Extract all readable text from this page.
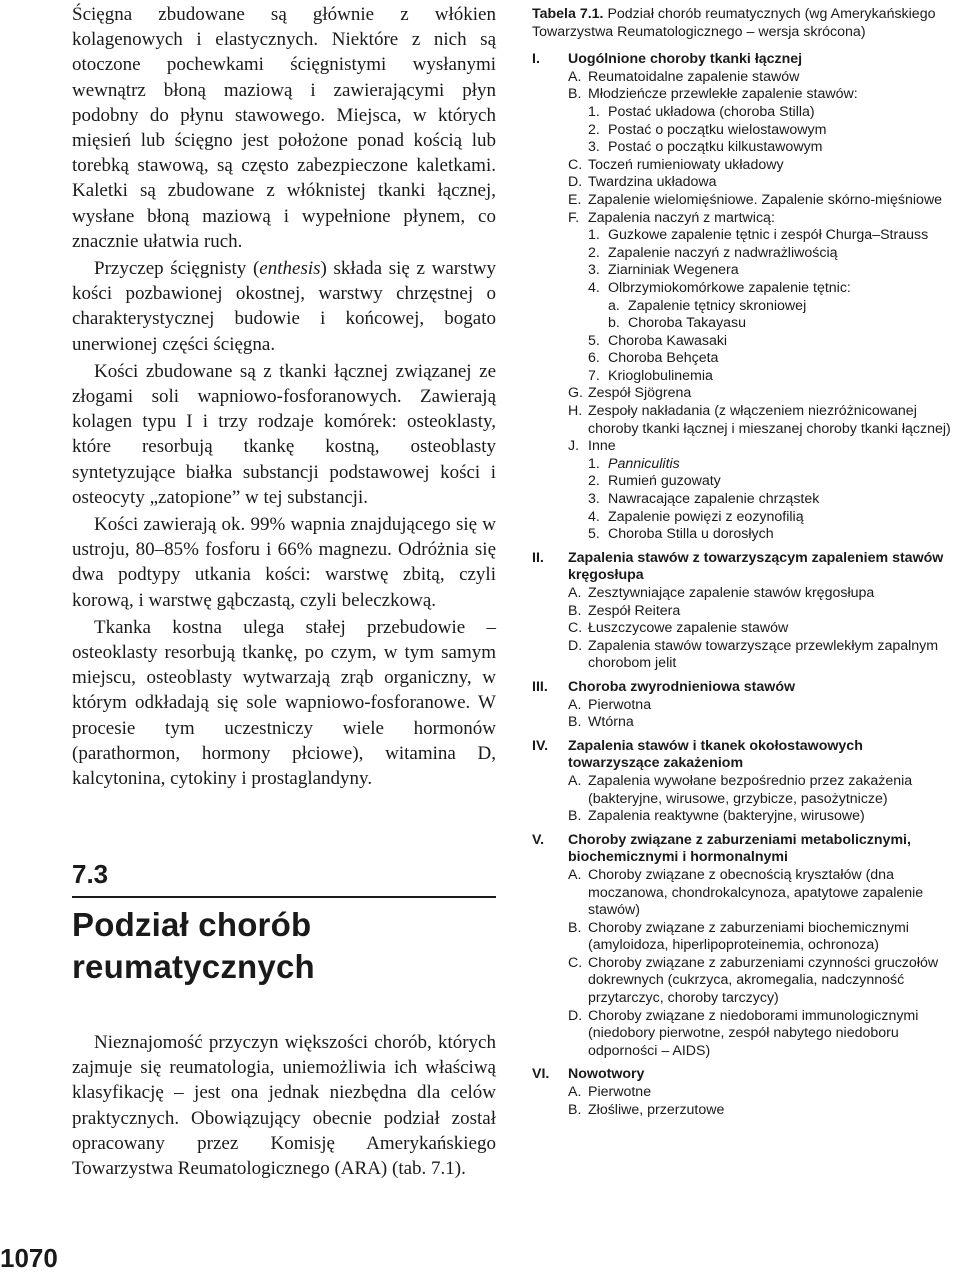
Ścięgna zbudowane są głównie z włókien kolagenowych i elastycznych. Niektóre z nich są otoczone pochewkami ścięgnistymi wysłanymi wewnątrz błoną maziową i zawierającymi płyn podobny do płynu stawowego. Miejsca, w których mięsień lub ścięgno jest położone ponad kością lub torebką stawową, są często zabezpieczone kaletkami. Kaletki są zbudowane z włóknistej tkanki łącznej, wysłane błoną maziową i wypełnione płynem, co znacznie ułatwia ruch.

Przyczep ścięgnisty (enthesis) składa się z warstwy kości pozbawionej okostnej, warstwy chrzęstnej o charakterystycznej budowie i końcowej, bogato unerwionej części ścięgna.

Kości zbudowane są z tkanki łącznej związanej ze złogami soli wapniowo-fosforanowych. Zawierają kolagen typu I i trzy rodzaje komórek: osteoklasty, które resorbują tkankę kostną, osteoblasty syntetyzujące białka substancji podstawowej kości i osteocyty „zatopione” w tej substancji.

Kości zawierają ok. 99% wapnia znajdującego się w ustroju, 80–85% fosforu i 66% magnezu. Odróżnia się dwa podtypy utkania kości: warstwę zbitą, czyli korową, i warstwę gąbczastą, czyli beleczkową.

Tkanka kostna ulega stałej przebudowie – osteoklasty resorbują tkankę, po czym, w tym samym miejscu, osteoblasty wytwarzają zrąb organiczny, w którym odkładają się sole wapniowo-fosforanowe. W procesie tym uczestniczy wiele hormonów (parathormon, hormony płciowe), witamina D, kalcytonina, cytokiny i prostaglandyny.

7.3
Podział chorób
reumatycznych

Nieznajomość przyczyn większości chorób, których zajmuje się reumatologia, uniemożliwia ich właściwą klasyfikację – jest ona jednak niezbędna dla celów praktycznych. Obowiązujący obecnie podział został opracowany przez Komisję Amerykańskiego Towarzystwa Reumatologicznego (ARA) (tab. 7.1).

1070
Tabela 7.1. Podział chorób reumatycznych (wg Amerykańskiego Towarzystwa Reumatologicznego – wersja skrócona)
I.	Uogólnione choroby tkanki łącznej
A. Reumatoidalne zapalenie stawów
B. Młodzieńcze przewlekłe zapalenie stawów:
1. Postać układowa (choroba Stilla)
2. Postać o początku wielostawowym
3. Postać o początku kilkustawowym
C. Toczeń rumieniowaty układowy
D. Twardzina układowa
E. Zapalenie wielomięśniowe. Zapalenie skórno-mięśniowe
F. Zapalenia naczyń z martwicą:
1. Guzkowe zapalenie tętnic i zespół Churga–Strauss
2. Zapalenie naczyń z nadwrażliwością
3. Ziarniniak Wegenera
4. Olbrzymiokomórkowe zapalenie tętnic:
a. Zapalenie tętnicy skroniowej
b. Choroba Takayasu
5. Choroba Kawasaki
6. Choroba Behçeta
7. Krioglobulinemia
G. Zespół Sjögrena
H. Zespoły nakładania (z włączeniem niezróżnicowanej choroby tkanki łącznej i mieszanej choroby tkanki łącznej)
J. Inne
1. Panniculitis
2. Rumień guzowaty
3. Nawracające zapalenie chrząstek
4. Zapalenie powięzi z eozynofilią
5. Choroba Stilla u dorosłych
II.	Zapalenia stawów z towarzyszącym zapaleniem stawów kręgosłupa
A. Zesztywniające zapalenie stawów kręgosłupa
B. Zespół Reitera
C. Łuszczycowe zapalenie stawów
D. Zapalenia stawów towarzyszące przewlekłym zapalnym chorobom jelit
III.	Choroba zwyrodnieniowa stawów
A. Pierwotna
B. Wtórna
IV.	Zapalenia stawów i tkanek okołostawowych towarzyszące zakażeniom
A. Zapalenia wywołane bezpośrednio przez zakażenia (bakteryjne, wirusowe, grzybicze, pasożytnicze)
B. Zapalenia reaktywne (bakteryjne, wirusowe)
V.	Choroby związane z zaburzeniami metabolicznymi, biochemicznymi i hormonalnymi
A. Choroby związane z obecnością kryształów (dna moczanowa, chondrokalcynoza, apatytowe zapalenie stawów)
B. Choroby związane z zaburzeniami biochemicznymi (amyloidoza, hiperlipoproteinemia, ochronoza)
C. Choroby związane z zaburzeniami czynności gruczołów dokrewnych (cukrzyca, akromegalia, nadczynność przytarczyc, choroby tarczycy)
D. Choroby związane z niedoborami immunologicznymi (niedobory pierwotne, zespół nabytego niedoboru odporności – AIDS)
VI.	Nowotwory
A. Pierwotne
B. Złośliwe, przerzutowe
